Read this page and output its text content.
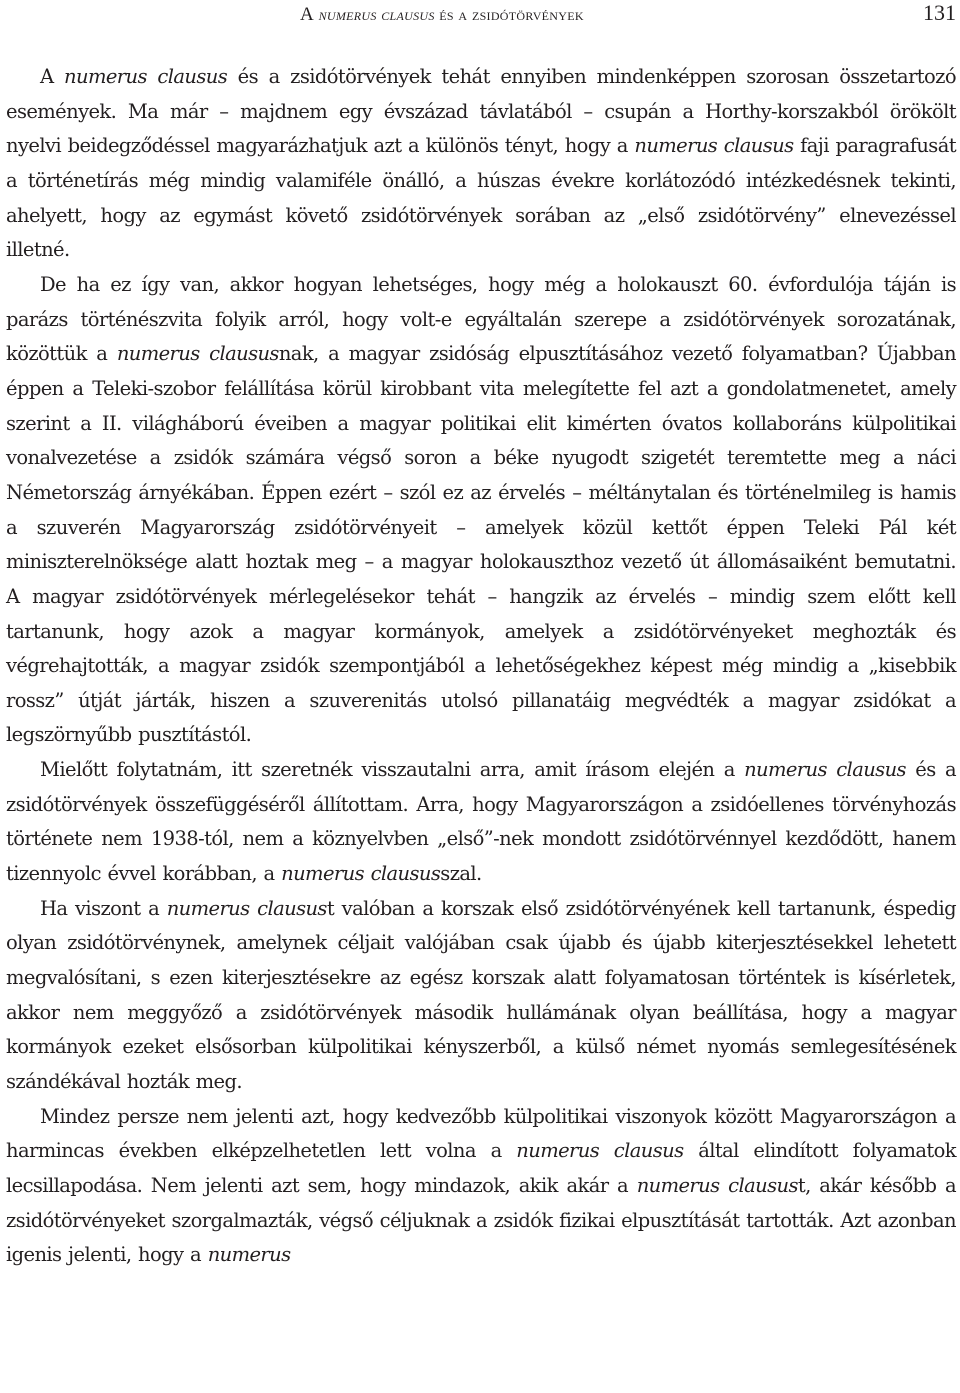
A numerus clausus és a zsidótörvények	131

A numerus clausus és a zsidótörvények tehát ennyiben mindenképpen szorosan összetartozó események. Ma már – majdnem egy évszázad távlatából – csupán a Horthy-korszakból örökölt nyelvi beidegződéssel magyarázhatjuk azt a különös tényt, hogy a numerus clausus faji paragrafusát a történetírás még mindig valamiféle önálló, a húszas évekre korlátozódó intézkedésnek tekinti, ahelyett, hogy az egymást követő zsidótörvények sorában az „első zsidótörvény” elnevezéssel illetné.

De ha ez így van, akkor hogyan lehetséges, hogy még a holokauszt 60. évfordulója táján is parázs történészvita folyik arról, hogy volt-e egyáltalán szerepe a zsidótörvények sorozatának, közöttük a numerus claususnak, a magyar zsidóság elpusztításához vezető folyamatban? Újabban éppen a Teleki-szobor felállítása körül kirobbant vita melegítette fel azt a gondolatmenetet, amely szerint a II. világháború éveiben a magyar politikai elit kimérten óvatos kollaboráns külpolitikai vonalvezetése a zsidók számára végső soron a béke nyugodt szigetét teremtette meg a náci Németország árnyékában. Éppen ezért – szól ez az érvelés – méltánytalan és történelmileg is hamis a szuverén Magyarország zsidótörvényeit – amelyek közül kettőt éppen Teleki Pál két miniszterelnöksége alatt hoztak meg – a magyar holokauszthoz vezető út állomásaiként bemutatni. A magyar zsidótörvények mérlegelésekor tehát – hangzik az érvelés – mindig szem előtt kell tartanunk, hogy azok a magyar kormányok, amelyek a zsidótörvényeket meghozták és végrehajtották, a magyar zsidók szempontjából a lehetőségekhez képest még mindig a „kisebbik rossz” útját járták, hiszen a szuverenitás utolsó pillanatáig megvédték a magyar zsidókat a legszörnyűbb pusztítástól.

Mielőtt folytatnám, itt szeretnék visszautalni arra, amit írásom elején a numerus clausus és a zsidótörvények összefüggéséről állítottam. Arra, hogy Magyarországon a zsidóellenes törvényhozás története nem 1938-tól, nem a köznyelvben „első”-nek mondott zsidótörvénnyel kezdődött, hanem tizennyolc évvel korábban, a numerus claususszal.

Ha viszont a numerus clausust valóban a korszak első zsidótörvényének kell tartanunk, éspedig olyan zsidótörvénynek, amelynek céljait valójában csak újabb és újabb kiterjesztésekkel lehetett megvalósítani, s ezen kiterjesztésekre az egész korszak alatt folyamatosan történtek is kísérletek, akkor nem meggyőző a zsidótörvények második hullámának olyan beállítása, hogy a magyar kormányok ezeket elsősorban külpolitikai kényszerből, a külső német nyomás semlegesítésének szándékával hozták meg.

Mindez persze nem jelenti azt, hogy kedvezőbb külpolitikai viszonyok között Magyarországon a harmincas években elképzelhetetlen lett volna a numerus clausus által elindított folyamatok lecsillapodása. Nem jelenti azt sem, hogy mindazok, akik akár a numerus clausust, akár később a zsidótörvényeket szorgalmazták, végső céljuknak a zsidók fizikai elpusztítását tartották. Azt azonban igenis jelenti, hogy a numerus
